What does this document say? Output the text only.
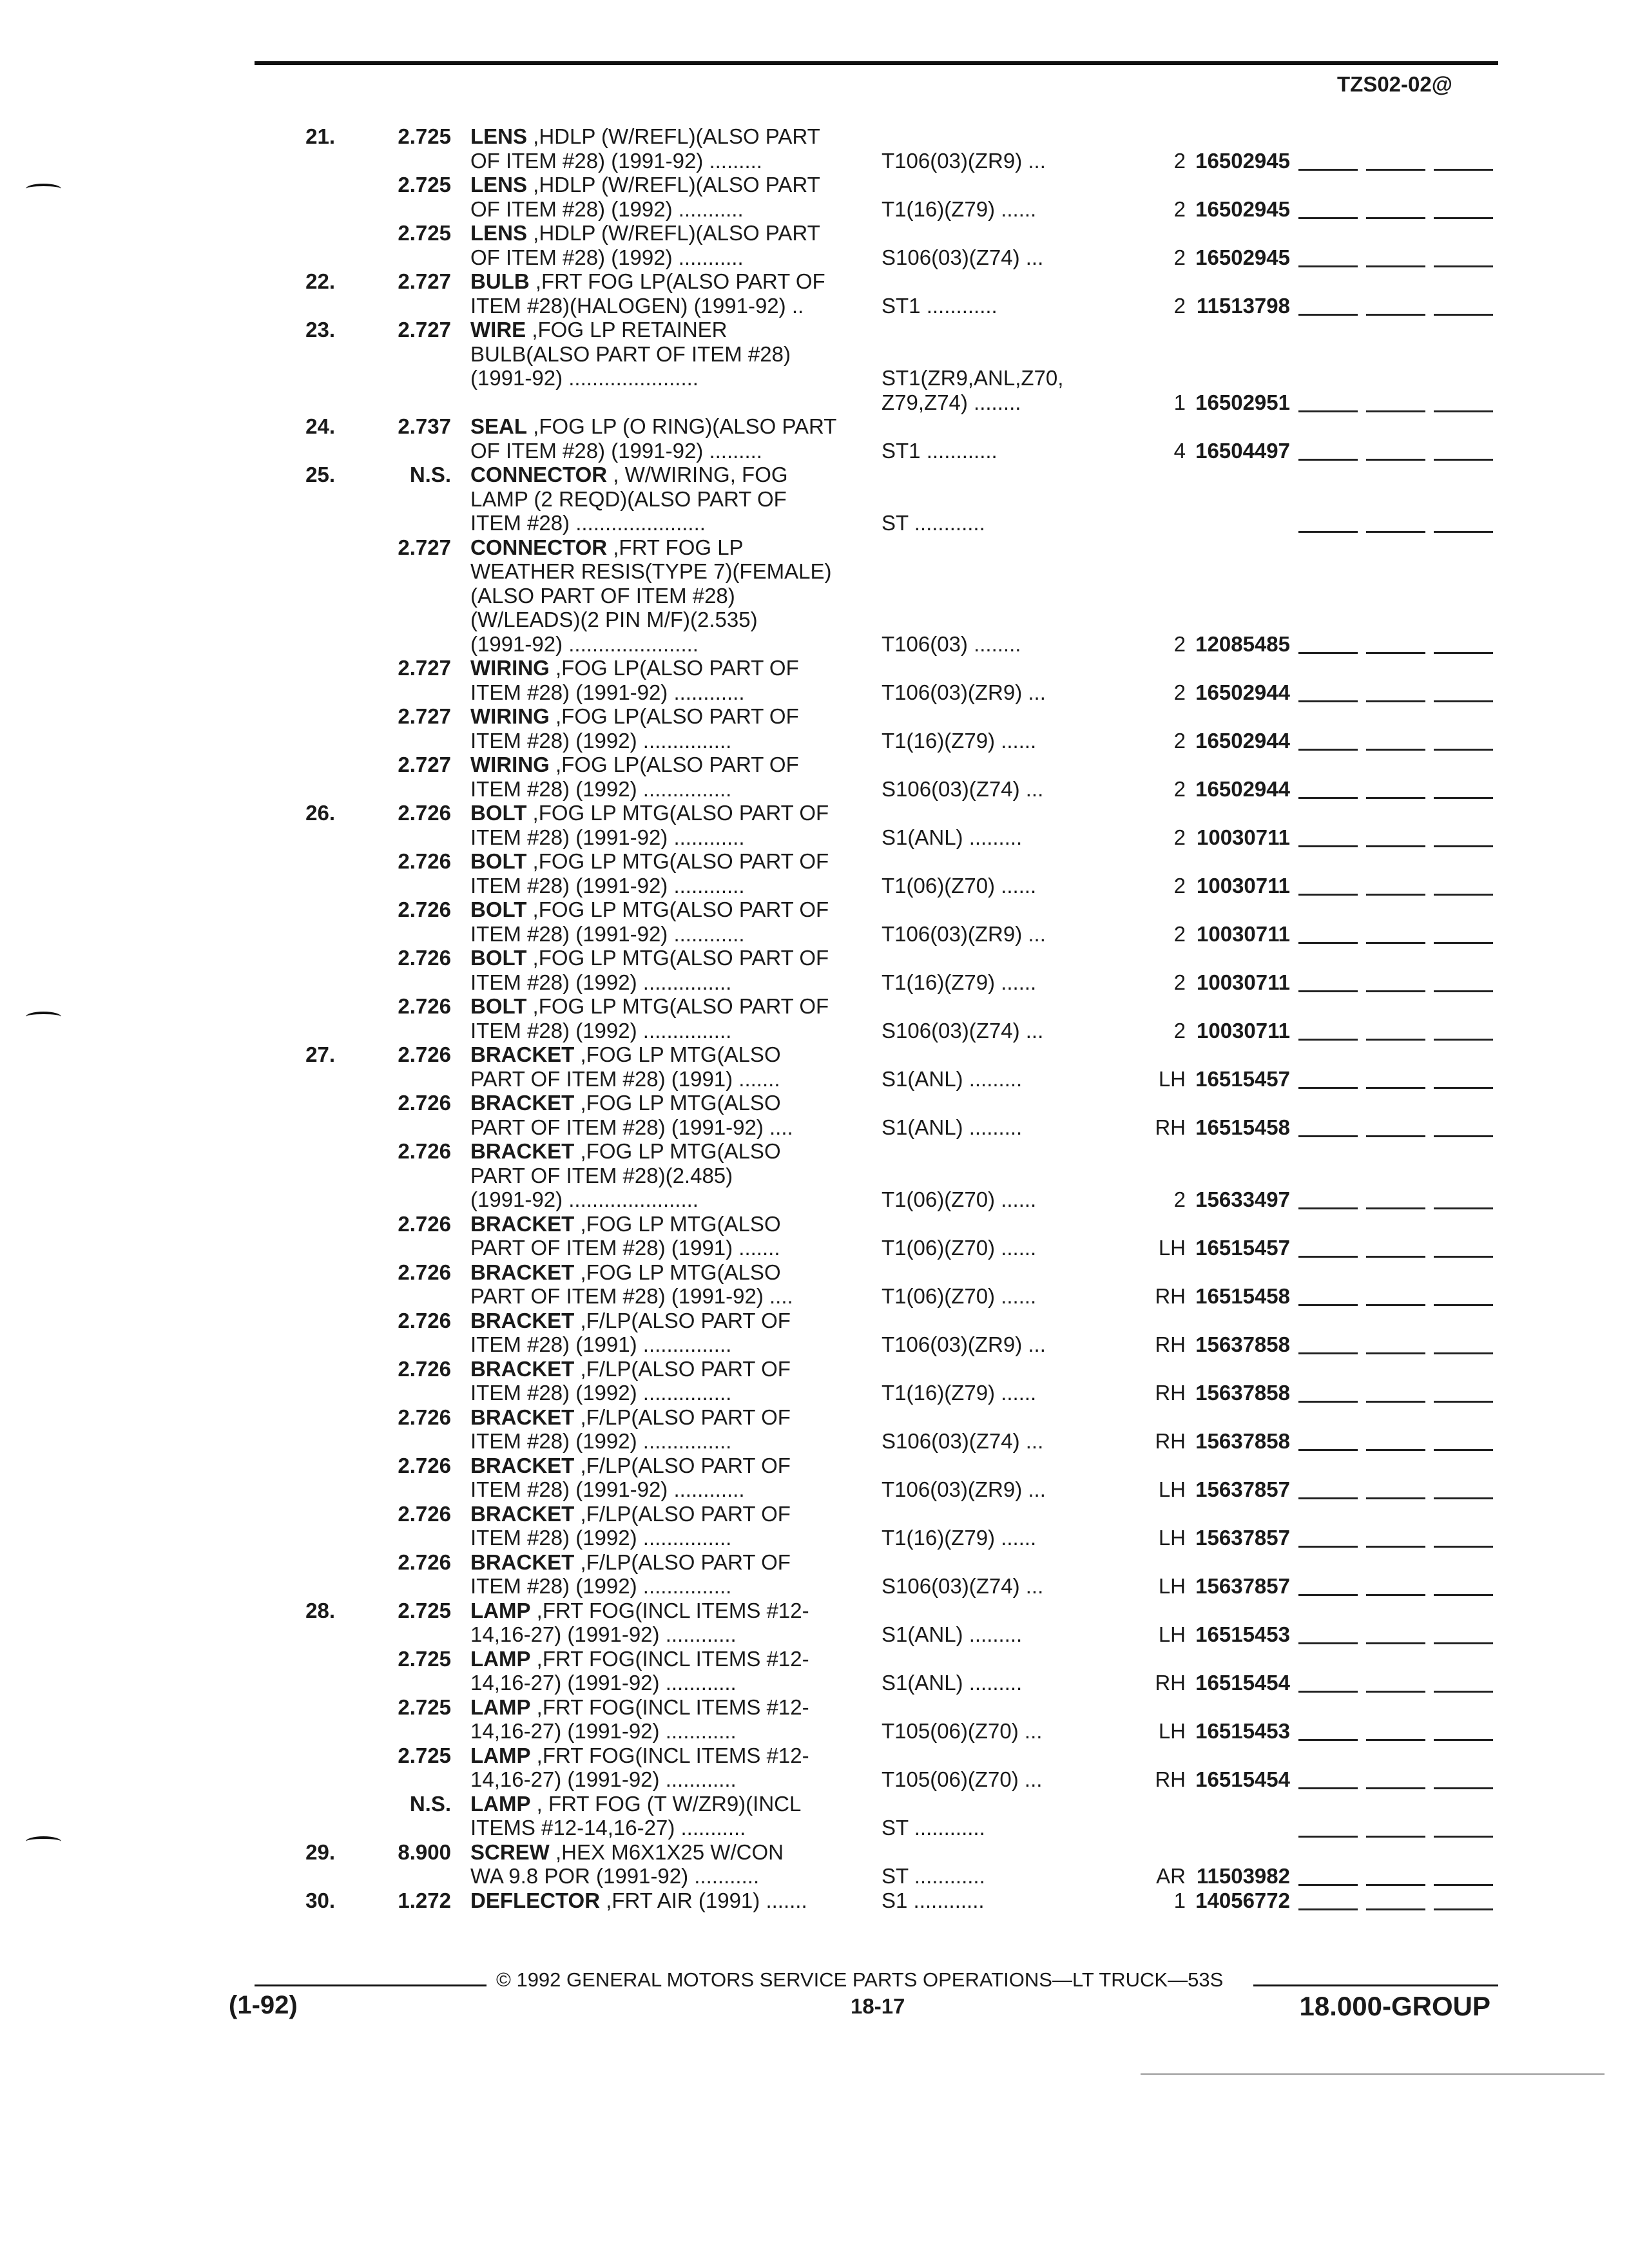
TZS02-02@
21.	2.725 LENS ,HDLP (W/REFL)(ALSO PART
OF ITEM #28) (1991-92) .........	T106(03)(ZR9) ...	2 16502945
2.725 LENS ,HDLP (W/REFL)(ALSO PART
OF ITEM #28) (1992) ...........	T1(16)(Z79) ......	2 16502945
2.725 LENS ,HDLP (W/REFL)(ALSO PART
OF ITEM #28) (1992) ...........	S106(03)(Z74) ...	2 16502945
22.	2.727 BULB ,FRT FOG LP(ALSO PART OF
ITEM #28)(HALOGEN) (1991-92) ..	ST1 ............	2 11513798
23.	2.727 WIRE ,FOG LP RETAINER
BULB(ALSO PART OF ITEM #28)
(1991-92) ......................	ST1(ZR9,ANL,Z70,
Z79,Z74) ........	1 16502951
24.	2.737 SEAL ,FOG LP (O RING)(ALSO PART
OF ITEM #28) (1991-92) .........	ST1 ............	4 16504497
25.	N.S. CONNECTOR , W/WIRING, FOG
LAMP (2 REQD)(ALSO PART OF
ITEM #28) ......................	ST ............
2.727 CONNECTOR ,FRT FOG LP
WEATHER RESIS(TYPE 7)(FEMALE)
(ALSO PART OF ITEM #28)
(W/LEADS)(2 PIN M/F)(2.535)
(1991-92) ......................	T106(03) ........	2 12085485
2.727 WIRING ,FOG LP(ALSO PART OF
ITEM #28) (1991-92) ............	T106(03)(ZR9) ...	2 16502944
2.727 WIRING ,FOG LP(ALSO PART OF
ITEM #28) (1992) ...............	T1(16)(Z79) ......	2 16502944
2.727 WIRING ,FOG LP(ALSO PART OF
ITEM #28) (1992) ...............	S106(03)(Z74) ...	2 16502944
26.	2.726 BOLT ,FOG LP MTG(ALSO PART OF
ITEM #28) (1991-92) ............	S1(ANL) .........	2 10030711
2.726 BOLT ,FOG LP MTG(ALSO PART OF
ITEM #28) (1991-92) ............	T1(06)(Z70) ......	2 10030711
2.726 BOLT ,FOG LP MTG(ALSO PART OF
ITEM #28) (1991-92) ............	T106(03)(ZR9) ...	2 10030711
2.726 BOLT ,FOG LP MTG(ALSO PART OF
ITEM #28) (1992) ...............	T1(16)(Z79) ......	2 10030711
2.726 BOLT ,FOG LP MTG(ALSO PART OF
ITEM #28) (1992) ...............	S106(03)(Z74) ...	2 10030711
27.	2.726 BRACKET ,FOG LP MTG(ALSO
PART OF ITEM #28) (1991) .......	S1(ANL) .........	LH 16515457
2.726 BRACKET ,FOG LP MTG(ALSO
PART OF ITEM #28) (1991-92) ....	S1(ANL) .........	RH 16515458
2.726 BRACKET ,FOG LP MTG(ALSO
PART OF ITEM #28)(2.485)
(1991-92) ......................	T1(06)(Z70) ......	2 15633497
2.726 BRACKET ,FOG LP MTG(ALSO
PART OF ITEM #28) (1991) .......	T1(06)(Z70) ......	LH 16515457
2.726 BRACKET ,FOG LP MTG(ALSO
PART OF ITEM #28) (1991-92) ....	T1(06)(Z70) ......	RH 16515458
2.726 BRACKET ,F/LP(ALSO PART OF
ITEM #28) (1991) ...............	T106(03)(ZR9) ...	RH 15637858
2.726 BRACKET ,F/LP(ALSO PART OF
ITEM #28) (1992) ...............	T1(16)(Z79) ......	RH 15637858
2.726 BRACKET ,F/LP(ALSO PART OF
ITEM #28) (1992) ...............	S106(03)(Z74) ...	RH 15637858
2.726 BRACKET ,F/LP(ALSO PART OF
ITEM #28) (1991-92) ............	T106(03)(ZR9) ...	LH 15637857
2.726 BRACKET ,F/LP(ALSO PART OF
ITEM #28) (1992) ...............	T1(16)(Z79) ......	LH 15637857
2.726 BRACKET ,F/LP(ALSO PART OF
ITEM #28) (1992) ...............	S106(03)(Z74) ...	LH 15637857
28.	2.725 LAMP ,FRT FOG(INCL ITEMS #12-
14,16-27) (1991-92) ............	S1(ANL) .........	LH 16515453
2.725 LAMP ,FRT FOG(INCL ITEMS #12-
14,16-27) (1991-92) ............	S1(ANL) .........	RH 16515454
2.725 LAMP ,FRT FOG(INCL ITEMS #12-
14,16-27) (1991-92) ............	T105(06)(Z70) ...	LH 16515453
2.725 LAMP ,FRT FOG(INCL ITEMS #12-
14,16-27) (1991-92) ............	T105(06)(Z70) ...	RH 16515454
N.S. LAMP , FRT FOG (T W/ZR9)(INCL
ITEMS #12-14,16-27) ...........	ST ............
29.	8.900 SCREW ,HEX M6X1X25 W/CON
WA 9.8 POR (1991-92) ...........	ST ............	AR 11503982
30.	1.272 DEFLECTOR ,FRT AIR (1991) .......	S1 ............	1 14056772
© 1992 GENERAL MOTORS SERVICE PARTS OPERATIONS—LT TRUCK—53S
(1-92)	18-17	18.000-GROUP
